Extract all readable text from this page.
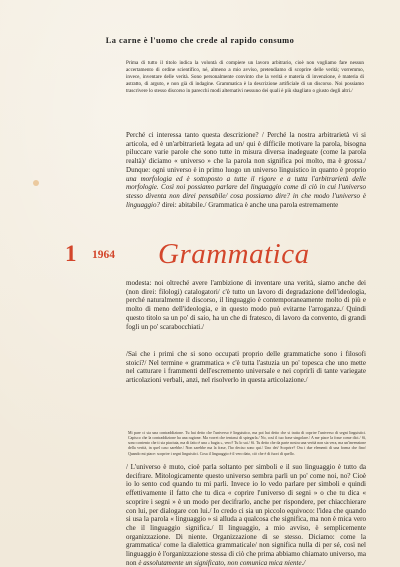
La carne è l'uomo che crede al rapido consumo

Prima di tutto il titolo indica la volontà di compiere un lavoro arbitrario, cioè non vogliamo fare nessun accertamento di ordine scientifico, né, almeno a mio avviso, pretendiamo di scoprire delle verità; vorremmo, invece, inventare delle verità. Sono personalmente convinto che la verità e materia di invenzione, è materia di astratto, di arguto, e non già di indagine. Grammatica è la descrizione artificiale di un discorso. Noi possiamo trascrivere lo stesso discorso in parecchi modi alternativi nessuno dei quali è più sbagliato o giusto degli altri./

Perché ci interessa tanto questa descrizione? / Perché la nostra arbitrarietà vi si articola, ed è un'arbitrarietà legata ad un/ qui è difficile motivare la parola, bisogna piluccare varie parole che sono tutte in misura diversa inadeguate (come la parola realtà)/ diciamo « universo » che la parola non significa poi molto, ma è grossa./ Dunque: ogni universo è in primo luogo un universo linguistico in quanto è proprio una morfologia ed è sottoposto a tutte il rigore e a tutta l'arbitrarietà delle morfologie. Così noi possiamo parlare del linguaggio come di ciò in cui l'universo stesso diventa non direi pensabile/ cosa possiamo dire? in che modo l'universo è linguaggio? direi: abitabile./ Grammatica è anche una parola estremamente

1 1964 Grammatica

modesta: noi oltreché avere l'ambizione di inventare una verità, siamo anche dei (non direi: filologi) catalogatori/ c'è tutto un lavoro di degradazione dell'ideologia, perché naturalmente il discorso, il linguaggio è contemporaneamente molto di più e molto di meno dell'ideologia, e in questo modo può evitarne l'arroganza./ Quindi questo titolo sa un po' di saio, ha un che di fratesco, di lavoro da convento, di grandi fogli un po' scarabocchiati./

/Sai che i primi che si sono occupati proprio delle grammatiche sono i filosofi stoici?/ Nel termine « grammatica » c'è tutta l'astuzia un po' topesca che uno mette nel catturare i frammenti dell'escremento universale e nei coprirli di tante variegate articolazioni verbali, anzi, nel risolverlo in questa articolazione./

Mi pare ci sia una contraddizione. Tu hai detto che l'universo è linguistico, ma poi hai detto che si tratta di coprire l'universo di segni linguistici. Capisco che la contraddizione ha una ragione. Ma vorrei che tentassi di spiegarla./ No, così il tuo frase singolare./ A me piace la frase come dici./ Sì, sono contento che ti sia piaciuta, ma di fatto è una « bugia », vero? Tu lo sai./ Sì. Tu detto che da parte nostra una verità non sia vera, ma un'invenzione della verità, in quel caso sarebbe./ Non sarebbe ma la frase, l'ho deciso sono qui./ Uno dei/ Scoprire? Ora i due elementi di una forma che fino/ Quando mi piace: scoprire i segni linguistici. Cosa il linguaggio è il vero dato, ciò che è di fuori di quello.

/ L'universo è muto, cioè parla soltanto per simboli e il suo linguaggio è tutto da decifrare. Mitologicamente questo universo sembra parli un po' come noi, no? Cioè io lo sento cod quando tu mi parli. Invece io lo vedo parlare per simboli e quindi effettivamente il fatto che tu dica « coprire l'universo di segni » o che tu dica « scoprire i segni » è un modo per decifrarlo, anche per rispondere, per chiacchierare con lui, per dialogare con lui./ Io credo ci sia un piccolo equivoco: l'idea che quando si usa la parola « linguaggio » si alluda a qualcosa che significa, ma non è mica vero che il linguaggio significa./ Il linguaggio, a mio avviso, è semplicemente organizzazione. Di niente. Organizzazione di se stesso. Diciamo: come la grammatica/ come la dialettica grammaticale/ non significa nulla di per sé, così nel linguaggio è l'organizzazione stessa di ciò che prima abbiamo chiamato universo, ma non è assolutamente un significato, non comunica mica niente./
